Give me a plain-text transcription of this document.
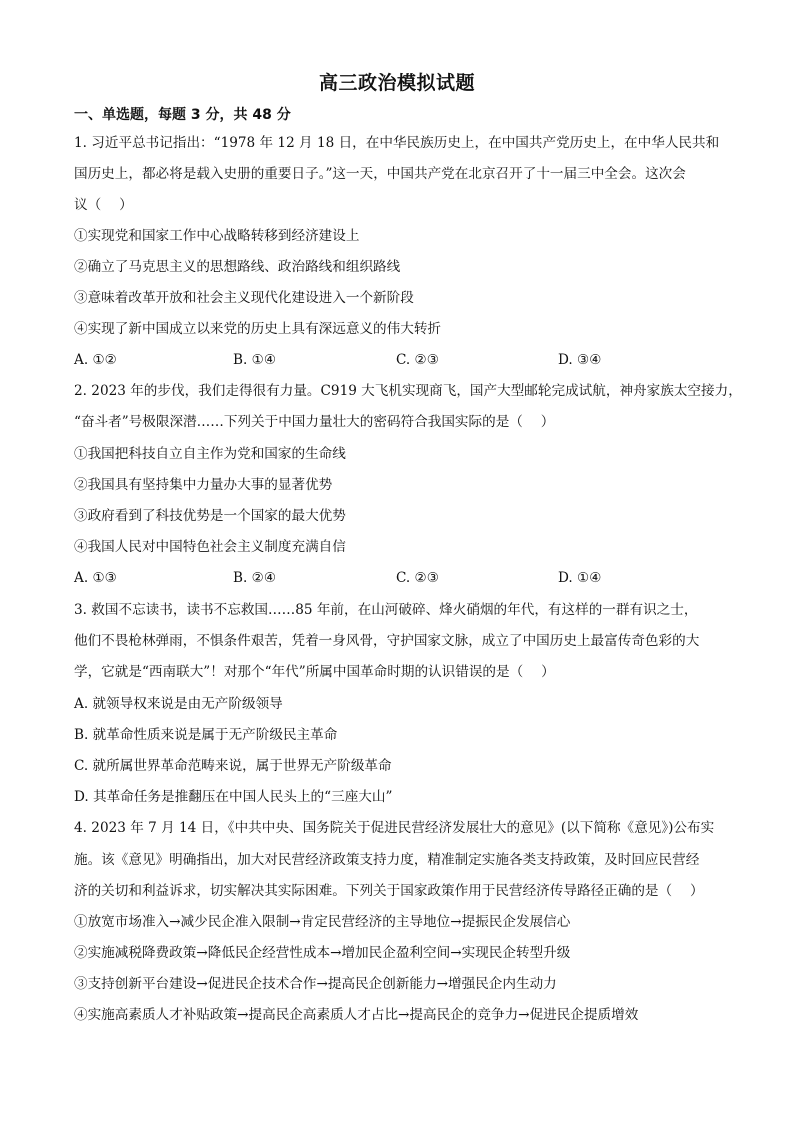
高三政治模拟试题
一、单选题，每题 3 分，共 48 分
1. 习近平总书记指出：“1978 年 12 月 18 日，在中华民族历史上，在中国共产党历史上，在中华人民共和
国历史上，都必将是载入史册的重要日子。”这一天，中国共产党在北京召开了十一届三中全会。这次会
议（　 ）
①实现党和国家工作中心战略转移到经济建设上
②确立了马克思主义的思想路线、政治路线和组织路线
③意味着改革开放和社会主义现代化建设进入一个新阶段
④实现了新中国成立以来党的历史上具有深远意义的伟大转折
A. ①②	B. ①④	C. ②③	D. ③④
2. 2023 年的步伐，我们走得很有力量。C919 大飞机实现商飞，国产大型邮轮完成试航，神舟家族太空接力，
“奋斗者”号极限深潜……下列关于中国力量壮大的密码符合我国实际的是（　 ）
①我国把科技自立自主作为党和国家的生命线
②我国具有坚持集中力量办大事的显著优势
③政府看到了科技优势是一个国家的最大优势
④我国人民对中国特色社会主义制度充满自信
A. ①③	B. ②④	C. ②③	D. ①④
3. 救国不忘读书，读书不忘救国……85 年前，在山河破碎、烽火硝烟的年代，有这样的一群有识之士，
他们不畏枪林弹雨，不惧条件艰苦，凭着一身风骨，守护国家文脉，成立了中国历史上最富传奇色彩的大
学，它就是“西南联大”！对那个“年代”所属中国革命时期的认识错误的是（　 ）
A. 就领导权来说是由无产阶级领导
B. 就革命性质来说是属于无产阶级民主革命
C. 就所属世界革命范畴来说，属于世界无产阶级革命
D. 其革命任务是推翻压在中国人民头上的“三座大山”
4. 2023 年 7 月 14 日，《中共中央、国务院关于促进民营经济发展壮大的意见》(以下简称《意见》)公布实
施。该《意见》明确指出，加大对民营经济政策支持力度，精准制定实施各类支持政策，及时回应民营经
济的关切和利益诉求，切实解决其实际困难。下列关于国家政策作用于民营经济传导路径正确的是（　 ）
①放宽市场准入→减少民企准入限制→肯定民营经济的主导地位→提振民企发展信心
②实施减税降费政策→降低民企经营性成本→增加民企盈利空间→实现民企转型升级
③支持创新平台建设→促进民企技术合作→提高民企创新能力→增强民企内生动力
④实施高素质人才补贴政策→提高民企高素质人才占比→提高民企的竞争力→促进民企提质增效
